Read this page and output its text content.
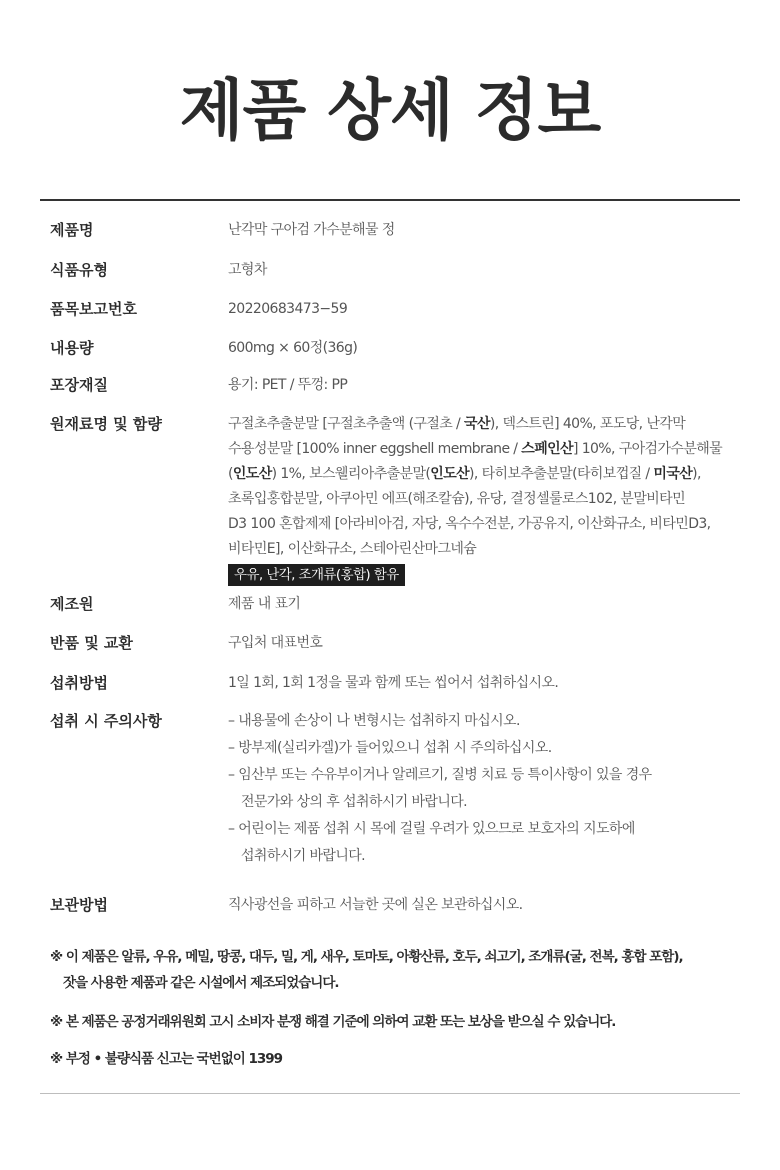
제품 상세 정보
제품명	난각막 구아검 가수분해물 정
식품유형	고형차
품목보고번호	20220683473−59
내용량	600mg × 60정(36g)
포장재질	용기: PET / 뚜껑: PP
원재료명 및 함량	구절초추출분말 [구절초추출액 (구절초 / 국산), 덱스트린] 40%, 포도당, 난각막
수용성분말 [100% inner eggshell membrane / 스페인산] 10%, 구아검가수분해물
(인도산) 1%, 보스웰리아추출분말(인도산), 타히보추출분말(타히보껍질 / 미국산),
초록입홍합분말, 아쿠아민 에프(해조칼슘), 유당, 결정셀룰로스102, 분말비타민
D3 100 혼합제제 [아라비아검, 자당, 옥수수전분, 가공유지, 이산화규소, 비타민D3,
비타민E], 이산화규소, 스테아린산마그네슘
우유, 난각, 조개류(홍합) 함유
제조원	제품 내 표기
반품 및 교환	구입처 대표번호
섭취방법	1일 1회, 1회 1정을 물과 함께 또는 씹어서 섭취하십시오.
섭취 시 주의사항	– 내용물에 손상이 나 변형시는 섭취하지 마십시오.
– 방부제(실리카겔)가 들어있으니 섭취 시 주의하십시오.
– 임산부 또는 수유부이거나 알레르기, 질병 치료 등 특이사항이 있을 경우
전문가와 상의 후 섭취하시기 바랍니다.
– 어린이는 제품 섭취 시 목에 걸릴 우려가 있으므로 보호자의 지도하에
섭취하시기 바랍니다.
보관방법	직사광선을 피하고 서늘한 곳에 실온 보관하십시오.
※ 이 제품은 알류, 우유, 메밀, 땅콩, 대두, 밀, 게, 새우, 토마토, 아황산류, 호두, 쇠고기, 조개류(굴, 전복, 홍합 포함),
잣을 사용한 제품과 같은 시설에서 제조되었습니다.
※ 본 제품은 공정거래위원회 고시 소비자 분쟁 해결 기준에 의하여 교환 또는 보상을 받으실 수 있습니다.
※ 부정 • 불량식품 신고는 국번없이 1399
